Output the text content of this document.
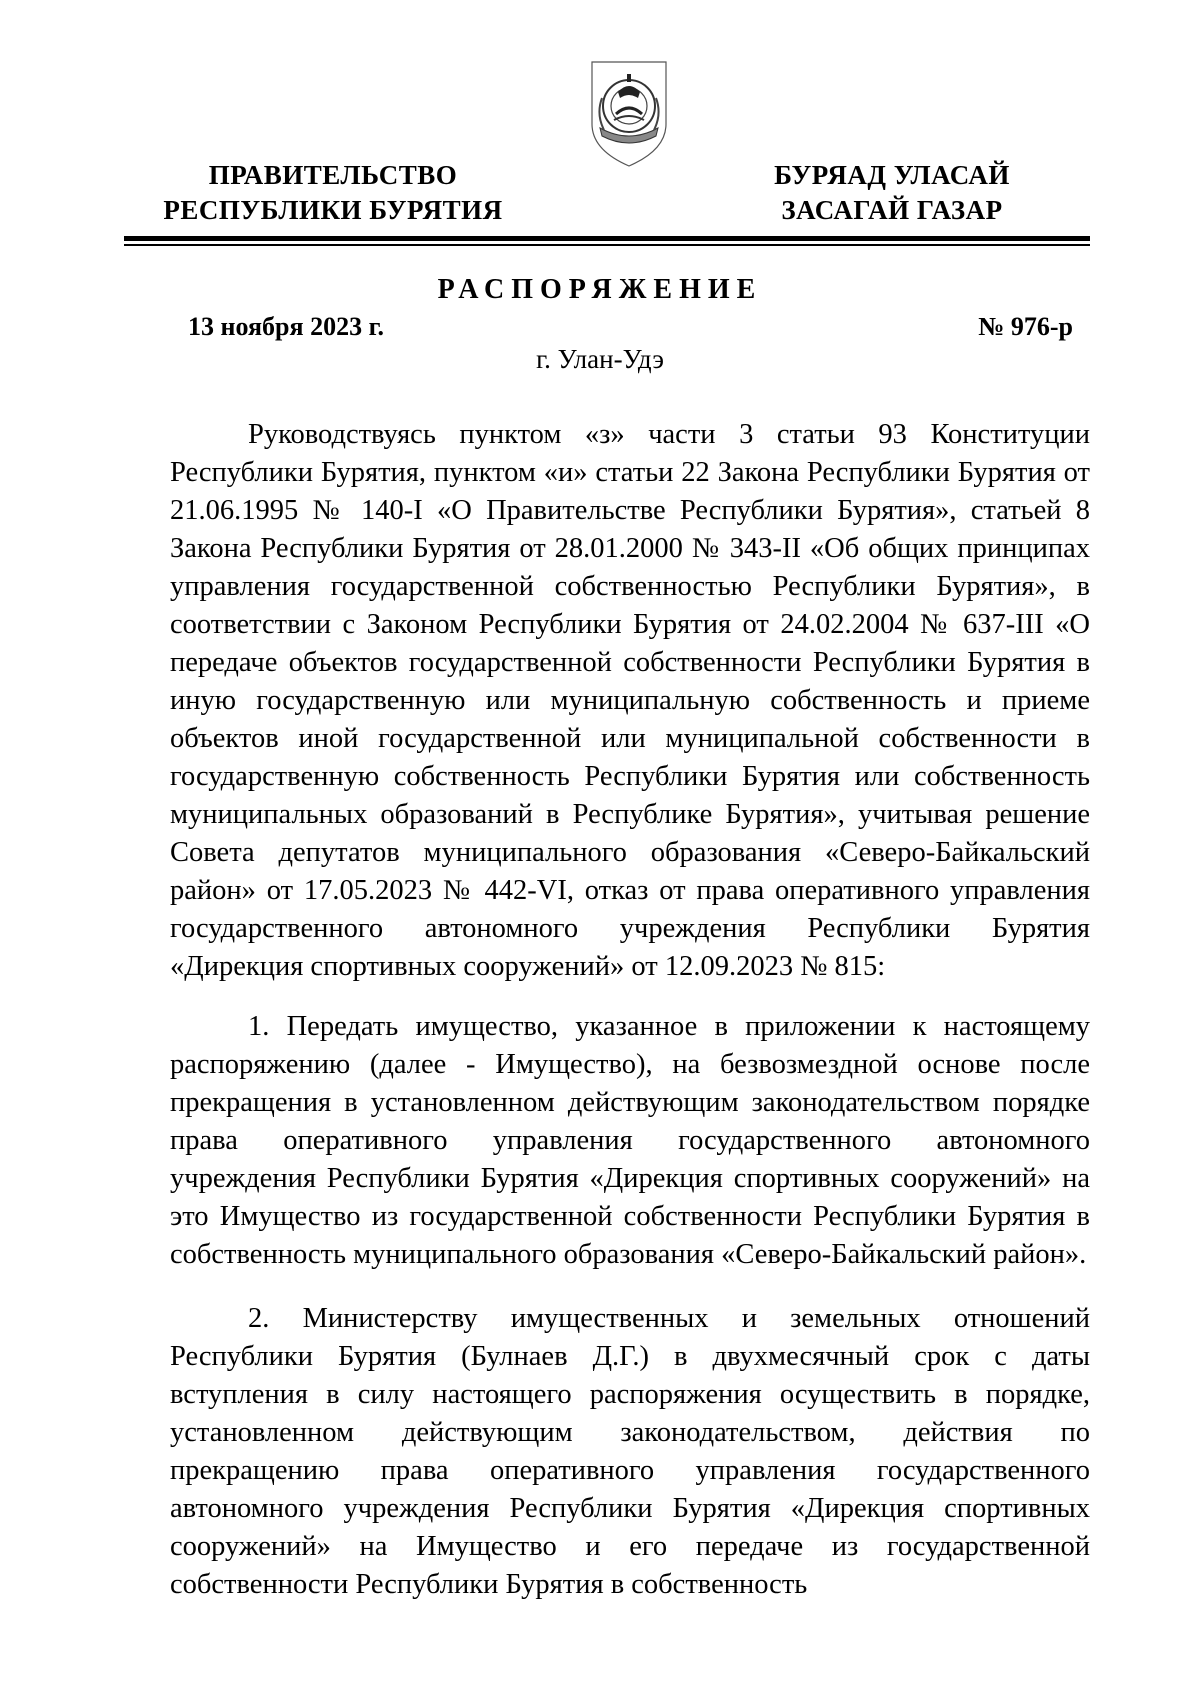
ПРАВИТЕЛЬСТВО
РЕСПУБЛИКИ БУРЯТИЯ
БУРЯАД УЛАСАЙ
ЗАСАГАЙ ГАЗАР
РАСПОРЯЖЕНИЕ
13 ноября 2023 г.	№ 976-р
г. Улан-Удэ

Руководствуясь пунктом «з» части 3 статьи 93 Конституции Республики Бурятия, пунктом «и» статьи 22 Закона Республики Бурятия от 21.06.1995 № 140-I «О Правительстве Республики Бурятия», статьей 8 Закона Республики Бурятия от 28.01.2000 № 343-II «Об общих принципах управления государственной собственностью Республики Бурятия», в соответствии с Законом Республики Бурятия от 24.02.2004 № 637-III «О передаче объектов государственной собственности Республики Бурятия в иную государственную или муниципальную собственность и приеме объектов иной государственной или муниципальной собственности в государственную собственность Республики Бурятия или собственность муниципальных образований в Республике Бурятия», учитывая решение Совета депутатов муниципального образования «Северо-Байкальский район» от 17.05.2023 № 442-VI, отказ от права оперативного управления государственного автономного учреждения Республики Бурятия «Дирекция спортивных сооружений» от 12.09.2023 № 815:

1. Передать имущество, указанное в приложении к настоящему распоряжению (далее - Имущество), на безвозмездной основе после прекращения в установленном действующим законодательством порядке права оперативного управления государственного автономного учреждения Республики Бурятия «Дирекция спортивных сооружений» на это Имущество из государственной собственности Республики Бурятия в собственность муниципального образования «Северо-Байкальский район».

2. Министерству имущественных и земельных отношений Республики Бурятия (Булнаев Д.Г.) в двухмесячный срок с даты вступления в силу настоящего распоряжения осуществить в порядке, установленном действующим законодательством, действия по прекращению права оперативного управления государственного автономного учреждения Республики Бурятия «Дирекция спортивных сооружений» на Имущество и его передаче из государственной собственности Республики Бурятия в собственность
